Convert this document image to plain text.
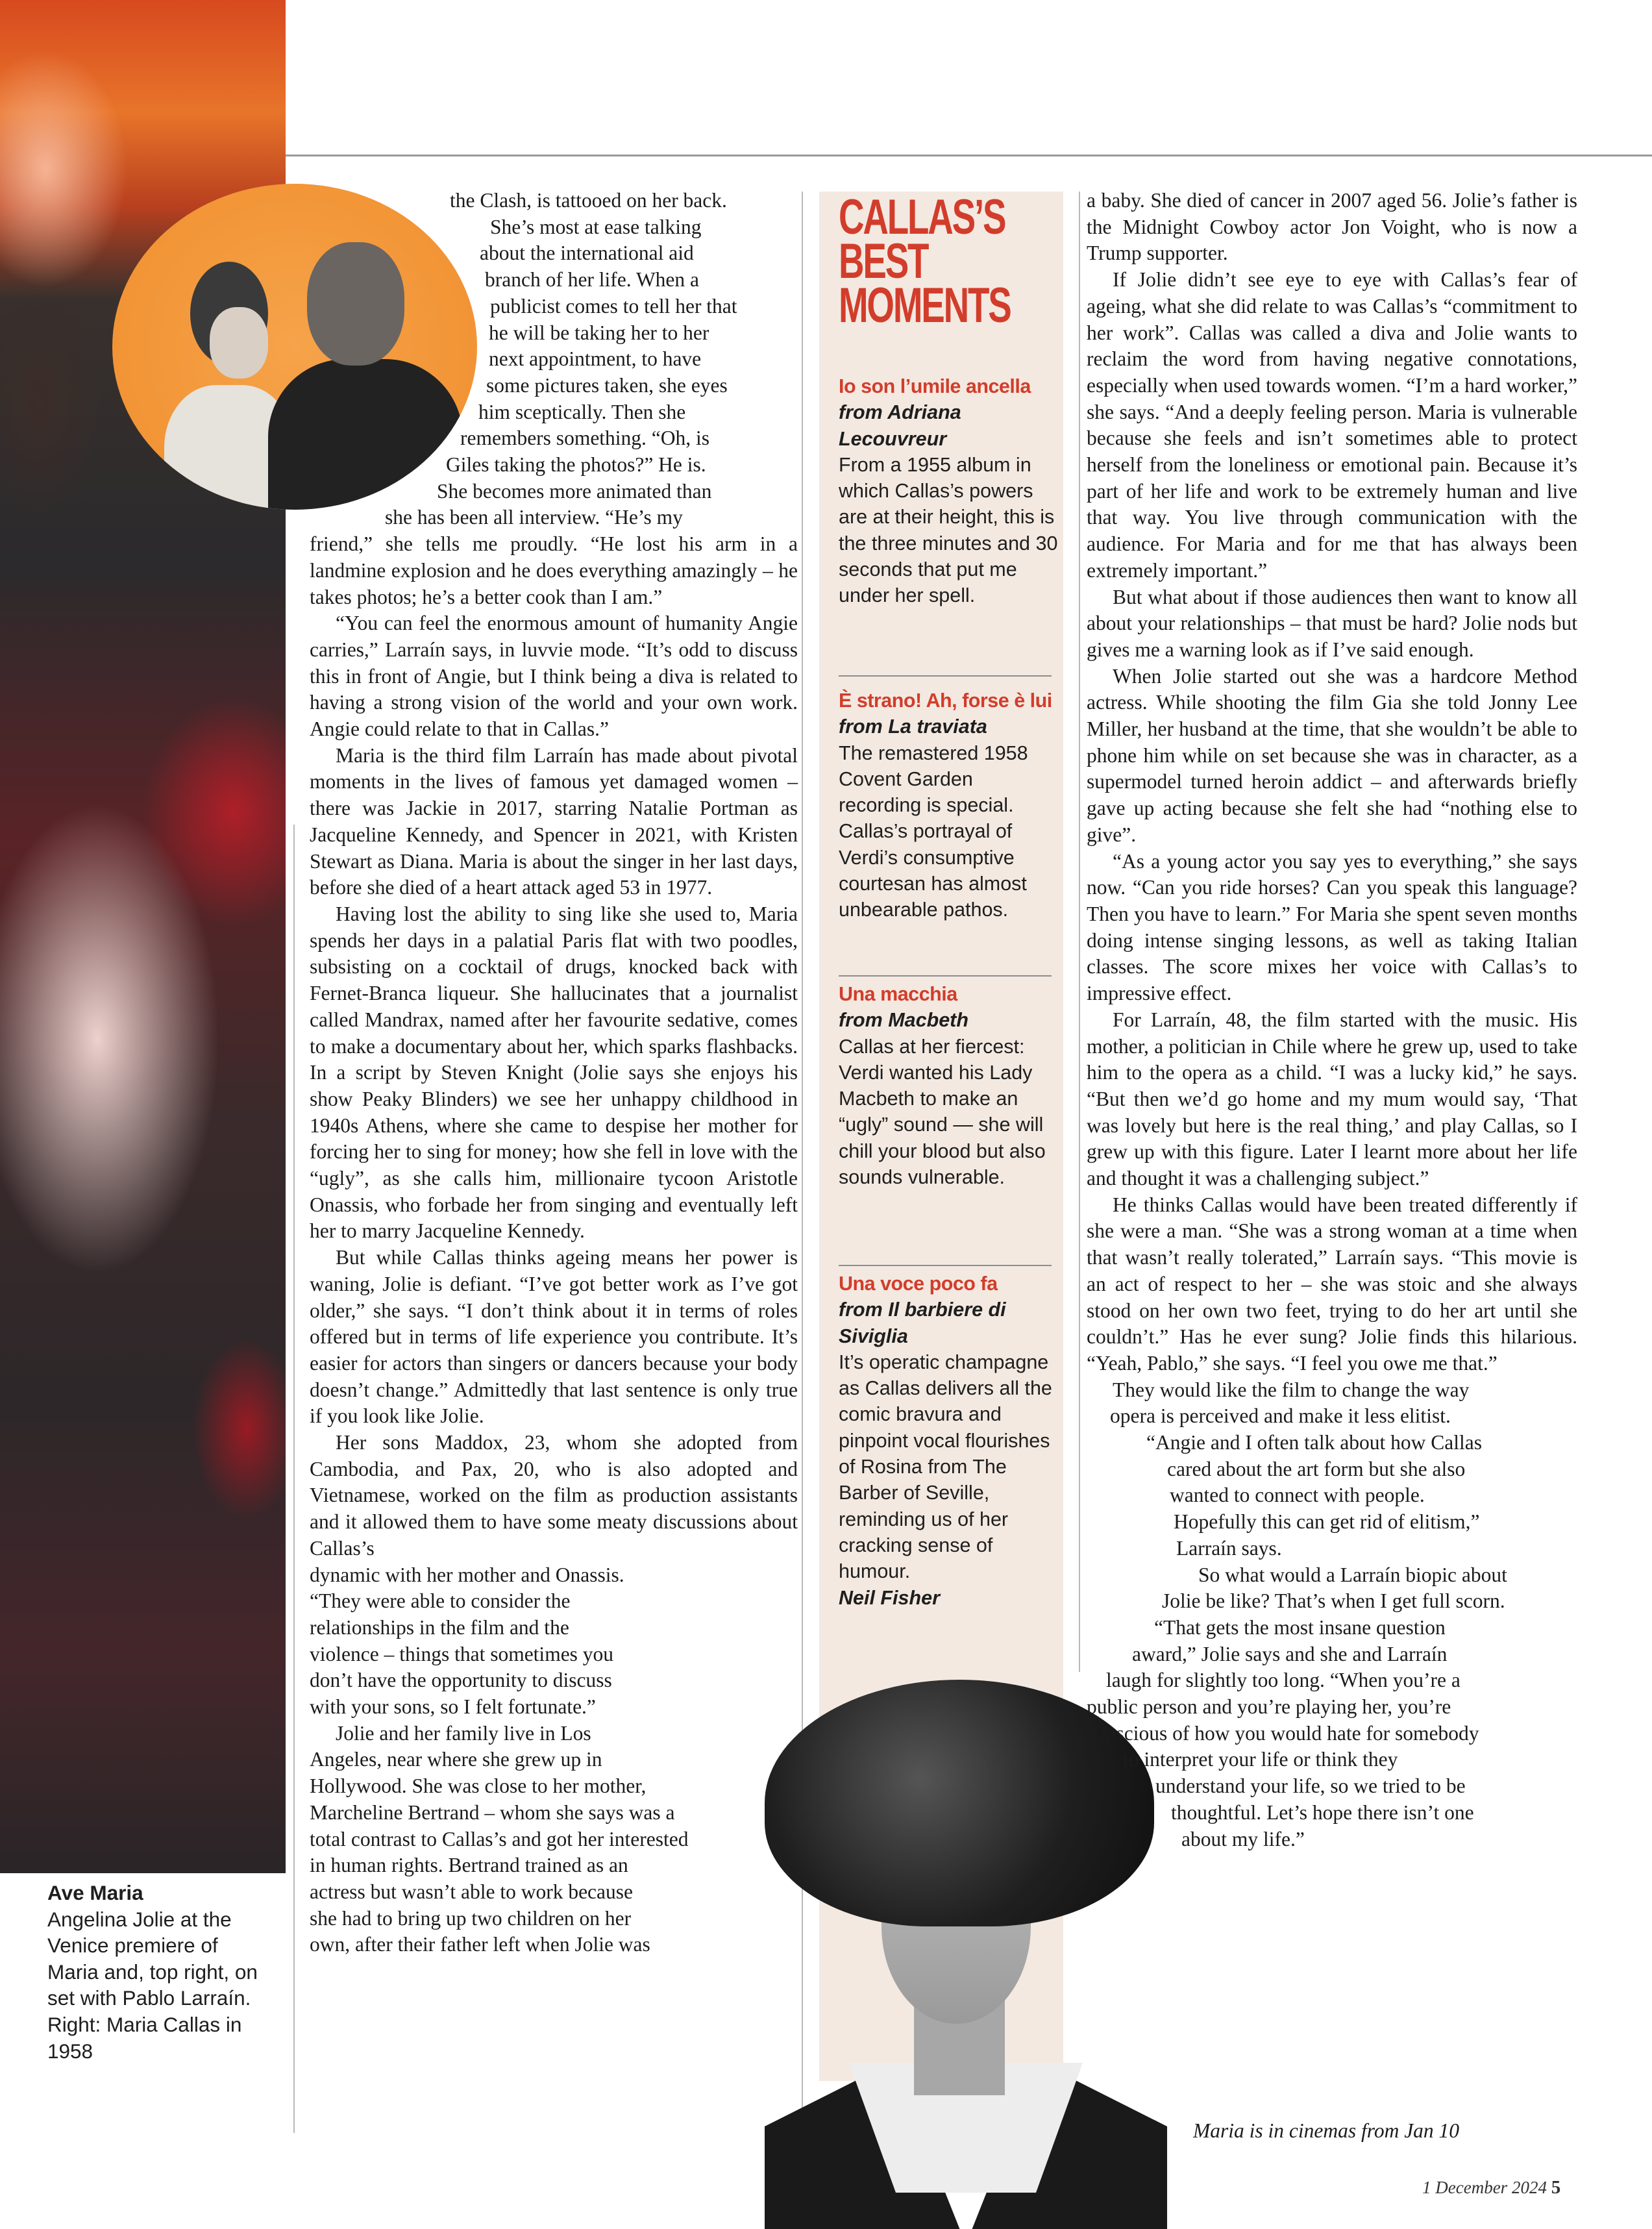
Ave Maria
Angelina Jolie at the Venice premiere of Maria and, top right, on set with Pablo Larraín. Right: Maria Callas in 1958
the Clash, is tattooed on her back.
She’s most at ease talking
about the international aid
branch of her life. When a
publicist comes to tell her that
he will be taking her to her
next appointment, to have
some pictures taken, she eyes
him sceptically. Then she
remembers something. “Oh, is
Giles taking the photos?” He is.
She becomes more animated than
she has been all interview. “He’s my

friend,” she tells me proudly. “He lost his arm in a landmine explosion and he does everything amazingly – he takes photos; he’s a better cook than I am.”

“You can feel the enormous amount of humanity Angie carries,” Larraín says, in luvvie mode. “It’s odd to discuss this in front of Angie, but I think being a diva is related to having a strong vision of the world and your own work. Angie could relate to that in Callas.”

Maria is the third film Larraín has made about pivotal moments in the lives of famous yet damaged women – there was Jackie in 2017, starring Natalie Portman as Jacqueline Kennedy, and Spencer in 2021, with Kristen Stewart as Diana. Maria is about the singer in her last days, before she died of a heart attack aged 53 in 1977.

Having lost the ability to sing like she used to, Maria spends her days in a palatial Paris flat with two poodles, subsisting on a cocktail of drugs, knocked back with Fernet-Branca liqueur. She hallucinates that a journalist called Mandrax, named after her favourite sedative, comes to make a documentary about her, which sparks flashbacks. In a script by Steven Knight (Jolie says she enjoys his show Peaky Blinders) we see her unhappy childhood in 1940s Athens, where she came to despise her mother for forcing her to sing for money; how she fell in love with the “ugly”, as she calls him, millionaire tycoon Aristotle Onassis, who forbade her from singing and eventually left her to marry Jacqueline Kennedy.

But while Callas thinks ageing means her power is waning, Jolie is defiant. “I’ve got better work as I’ve got older,” she says. “I don’t think about it in terms of roles offered but in terms of life experience you contribute. It’s easier for actors than singers or dancers because your body doesn’t change.” Admittedly that last sentence is only true if you look like Jolie.

Her sons Maddox, 23, whom she adopted from Cambodia, and Pax, 20, who is also adopted and Vietnamese, worked on the film as production assistants and it allowed them to have some meaty discussions about Callas’s

dynamic with her mother and Onassis.
“They were able to consider the
relationships in the film and the
violence – things that sometimes you
don’t have the opportunity to discuss
with your sons, so I felt fortunate.”
Jolie and her family live in Los
Angeles, near where she grew up in
Hollywood. She was close to her mother,
Marcheline Bertrand – whom she says was a
total contrast to Callas’s and got her interested
in human rights. Bertrand trained as an
actress but wasn’t able to work because
she had to bring up two children on her
own, after their father left when Jolie was
CALLAS’S
BEST
MOMENTS
Io son l’umile ancella
from Adriana Lecouvreur
From a 1955 album in which Callas’s powers are at their height, this is the three minutes and 30 seconds that put me under her spell.
È strano! Ah, forse è lui from La traviata
The remastered 1958 Covent Garden recording is special. Callas’s portrayal of Verdi’s consumptive courtesan has almost unbearable pathos.
Una macchia
from Macbeth
Callas at her fiercest: Verdi wanted his Lady Macbeth to make an “ugly” sound — she will chill your blood but also sounds vulnerable.
Una voce poco fa
from Il barbiere di Siviglia
It’s operatic champagne as Callas delivers all the comic bravura and pinpoint vocal flourishes of Rosina from The Barber of Seville, reminding us of her cracking sense of humour.
Neil Fisher

a baby. She died of cancer in 2007 aged 56. Jolie’s father is the Midnight Cowboy actor Jon Voight, who is now a Trump supporter.

If Jolie didn’t see eye to eye with Callas’s fear of ageing, what she did relate to was Callas’s “commitment to her work”. Callas was called a diva and Jolie wants to reclaim the word from having negative connotations, especially when used towards women. “I’m a hard worker,” she says. “And a deeply feeling person. Maria is vulnerable because she feels and isn’t sometimes able to protect herself from the loneliness or emotional pain. Because it’s part of her life and work to be extremely human and live that way. You live through communication with the audience. For Maria and for me that has always been extremely important.”

But what about if those audiences then want to know all about your relationships – that must be hard? Jolie nods but gives me a warning look as if I’ve said enough.

When Jolie started out she was a hardcore Method actress. While shooting the film Gia she told Jonny Lee Miller, her husband at the time, that she wouldn’t be able to phone him while on set because she was in character, as a supermodel turned heroin addict – and afterwards briefly gave up acting because she felt she had “nothing else to give”.

“As a young actor you say yes to everything,” she says now. “Can you ride horses? Can you speak this language? Then you have to learn.” For Maria she spent seven months doing intense singing lessons, as well as taking Italian classes. The score mixes her voice with Callas’s to impressive effect.

For Larraín, 48, the film started with the music. His mother, a politician in Chile where he grew up, used to take him to the opera as a child. “I was a lucky kid,” he says. “But then we’d go home and my mum would say, ‘That was lovely but here is the real thing,’ and play Callas, so I grew up with this figure. Later I learnt more about her life and thought it was a challenging subject.”

He thinks Callas would have been treated differently if she were a man. “She was a strong woman at a time when that wasn’t really tolerated,” Larraín says. “This movie is an act of respect to her – she was stoic and she always stood on her own two feet, trying to do her art until she couldn’t.” Has he ever sung? Jolie finds this hilarious. “Yeah, Pablo,” she says. “I feel you owe me that.”

They would like the film to change the way
opera is perceived and make it less elitist.
“Angie and I often talk about how Callas
cared about the art form but she also
wanted to connect with people.
Hopefully this can get rid of elitism,”
Larraín says.
So what would a Larraín biopic about
Jolie be like? That’s when I get full scorn.
“That gets the most insane question
award,” Jolie says and she and Larraín
laugh for slightly too long. “When you’re a
public person and you’re playing her, you’re
conscious of how you would hate for somebody
to interpret your life or think they
understand your life, so we tried to be
thoughtful. Let’s hope there isn’t one
about my life.”
Maria is in cinemas from Jan 10
1 December 2024 5
